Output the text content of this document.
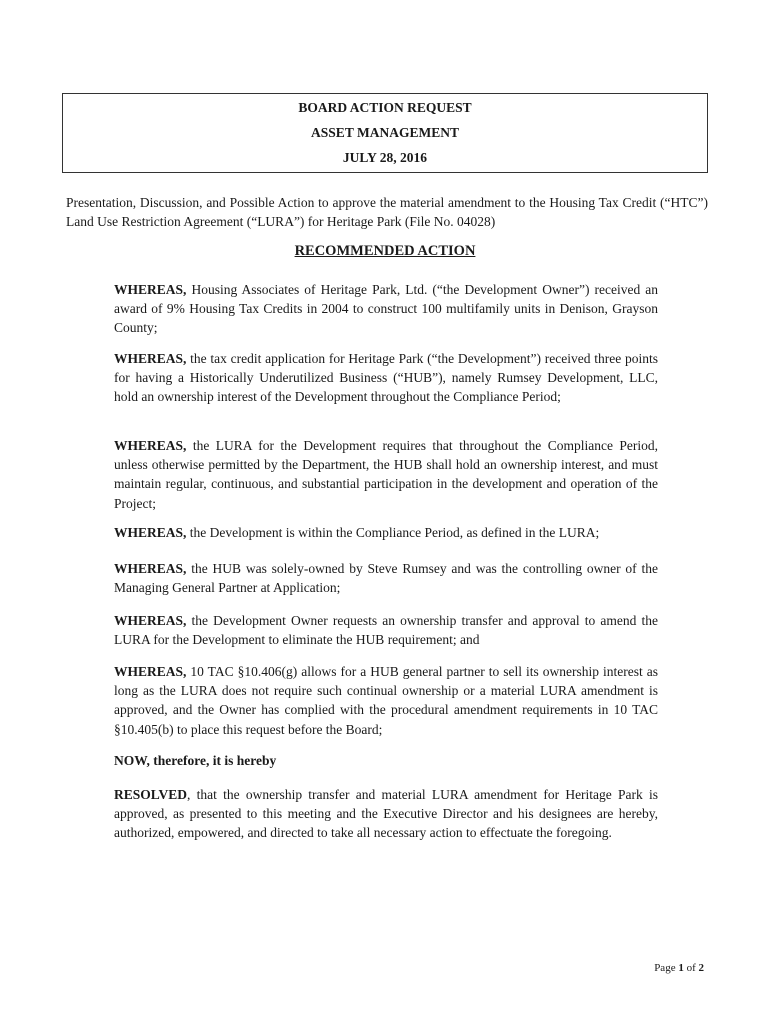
BOARD ACTION REQUEST
ASSET MANAGEMENT
JULY 28, 2016

Presentation, Discussion, and Possible Action to approve the material amendment to the Housing Tax Credit (“HTC”) Land Use Restriction Agreement (“LURA”) for Heritage Park (File No. 04028)

RECOMMENDED ACTION

WHEREAS, Housing Associates of Heritage Park, Ltd. (“the Development Owner”) received an award of 9% Housing Tax Credits in 2004 to construct 100 multifamily units in Denison, Grayson County;

WHEREAS, the tax credit application for Heritage Park (“the Development”) received three points for having a Historically Underutilized Business (“HUB”), namely Rumsey Development, LLC, hold an ownership interest of the Development throughout the Compliance Period;

WHEREAS, the LURA for the Development requires that throughout the Compliance Period, unless otherwise permitted by the Department, the HUB shall hold an ownership interest, and must maintain regular, continuous, and substantial participation in the development and operation of the Project;

WHEREAS, the Development is within the Compliance Period, as defined in the LURA;

WHEREAS, the HUB was solely-owned by Steve Rumsey and was the controlling owner of the Managing General Partner at Application;

WHEREAS, the Development Owner requests an ownership transfer and approval to amend the LURA for the Development to eliminate the HUB requirement; and

WHEREAS, 10 TAC §10.406(g) allows for a HUB general partner to sell its ownership interest as long as the LURA does not require such continual ownership or a material LURA amendment is approved, and the Owner has complied with the procedural amendment requirements in 10 TAC §10.405(b) to place this request before the Board;

NOW, therefore, it is hereby

RESOLVED, that the ownership transfer and material LURA amendment for Heritage Park is approved, as presented to this meeting and the Executive Director and his designees are hereby, authorized, empowered, and directed to take all necessary action to effectuate the foregoing.

Page 1 of 2
